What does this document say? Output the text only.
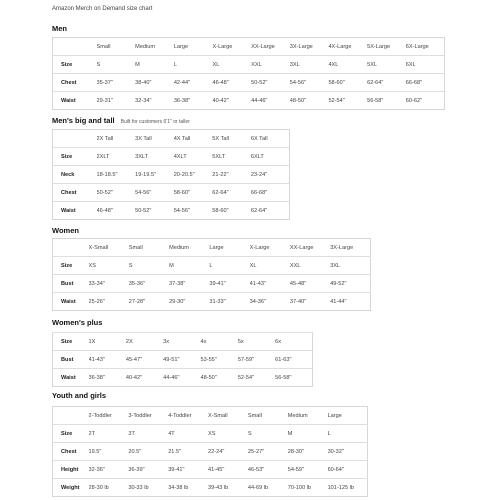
Amazon Merch on Demand size chart
Men
	Small	Medium	Large	X-Large	XX-Large	3X-Large	4X-Large	5X-Large	6X-Large
Size	S	M	L	XL	XXL	3XL	4XL	5XL	6XL
Chest	35-37"	38-40"	42-44"	46-48"	50-52"	54-56"	58-60"	62-64"	66-68"
Waist	29-31"	32-34"	36-38"	40-42"	44-46"	48-50"	52-54"	56-58"	60-62"
Men's big and tall Built for customers 6'1" or taller
	2X Tall	3X Tall	4X Tall	5X Tall	6X Tall
Size	2XLT	3XLT	4XLT	5XLT	6XLT
Neck	18-18.5"	19-19.5"	20-20.5"	21-22"	23-24"
Chest	50-52"	54-56"	58-60"	62-64"	66-68"
Waist	46-48"	50-52"	54-56"	58-60"	62-64"
Women
	X-Small	Small	Medium	Large	X-Large	XX-Large	3X-Large
Size	XS	S	M	L	XL	XXL	3XL
Bust	33-34"	35-36"	37-38"	39-41"	41-43"	45-48"	49-52"
Waist	25-26"	27-28"	29-30"	31-33"	34-36"	37-40"	41-44"
Women's plus
Size	1X	2X	3x	4x	5x	6x
Bust	41-43"	45-47"	49-51"	53-55"	57-59"	61-63"
Waist	36-38"	40-42"	44-46"	48-50"	52-54"	56-58"
Youth and girls
	2-Toddler	3-Toddler	4-Toddler	X-Small	Small	Medium	Large
Size	2T	3T	4T	XS	S	M	L
Chest	19.5"	20.5"	21.5"	22-24"	25-27"	28-30"	30-32"
Height	32-36"	36-39"	39-41"	41-45"	46-53"	54-59"	60-64"
Weight	28-30 lb	30-33 lb	34-38 lb	39-43 lb	44-69 lb	70-100 lb	101-125 lb
